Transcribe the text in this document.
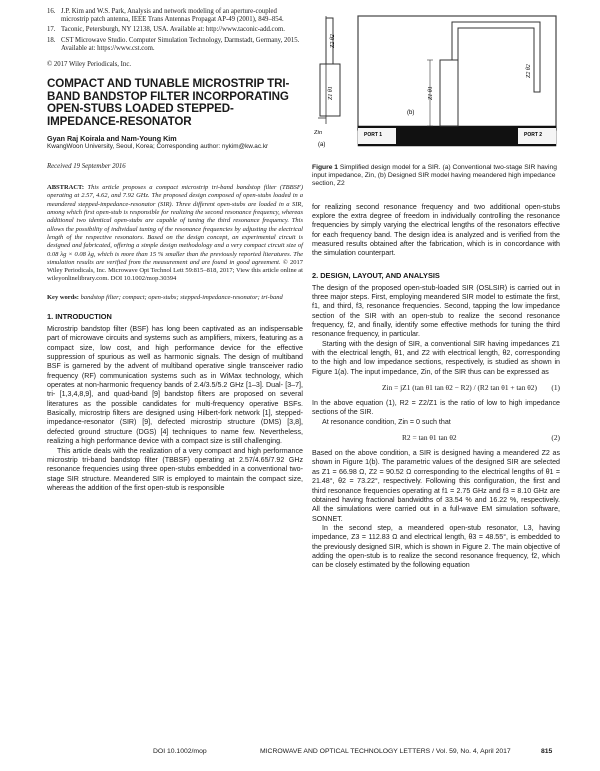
16. J.P. Kim and W.S. Park, Analysis and network modeling of an aperture-coupled microstrip patch antenna, IEEE Trans Antennas Propagat AP-49 (2001), 849–854.
17. Taconic, Petersburgh, NY 12138, USA. Available at: http://www.taconic-add.com.
18. CST Microwave Studio. Computer Simulation Technology, Darmstadt, Germany, 2015. Available at: https://www.cst.com.
© 2017 Wiley Periodicals, Inc.
COMPACT AND TUNABLE MICROSTRIP TRI-BAND BANDSTOP FILTER INCORPORATING OPEN-STUBS LOADED STEPPED-IMPEDANCE-RESONATOR
Gyan Raj Koirala and Nam-Young Kim
KwangWoon University, Seoul, Korea; Corresponding author: nykim@kw.ac.kr
Received 19 September 2016
ABSTRACT: This article proposes a compact microstrip tri-band bandstop filter (TBBSF) operating at 2.57, 4.62, and 7.92 GHz. The proposed design composed of open-stubs loaded in a meandered stepped-impedance-resonator (SIR). Three different open-stubs are loaded in a SIR, among which first open-stub is responsible for realizing the second resonance frequency, whereas additional two identical open-stubs are capable of tuning the third resonance frequency. This allows the possibility of individual tuning of the resonance frequencies by adjusting the electrical length of the respective resonators. Based on the design concept, an experimental circuit is designed and fabricated, offering a simple design methodology and a very compact circuit size of 0.08 λg × 0.08 λg, which is more than 15 % smaller than the previously reported literatures. The simulation results are verified from the measurement and are found in good agreement. © 2017 Wiley Periodicals, Inc. Microwave Opt Technol Lett 59:815–818, 2017; View this article online at wileyonlinelibrary.com. DOI 10.1002/mop.30394
Key words: bandstop filter; compact; open-stubs; stepped-impedance-resonator; tri-band
1. INTRODUCTION

Microstrip bandstop filter (BSF) has long been captivated as an indispensable part of microwave circuits and systems such as amplifiers, mixers, featuring as a compact size, low cost, and high performance device for the effective suppression of spurious as well as harmonic signals. The design of multiband BSF is garnered by the advent of multiband operative single transceiver radio frequency (RF) communication systems such as in WiMax technology, which operates at non-harmonic frequency bands of 2.4/3.5/5.2 GHz [1–3]. Dual- [3–7], tri- [1,3,4,8,9], and quad-band [9] bandstop filters are proposed on several literatures as the possible candidates for multi-frequency operative BSFs. Basically, microstrip filters are designed using Hilbert-fork network [1], stepped-impedance-resonator (SIR) [9], defected microstrip structure (DMS) [3,8], defected ground structure (DGS) [4] techniques to name few. Nevertheless, realizing a high performance device with a compact size is still challenging.

This article deals with the realization of a very compact and high performance microstrip tri-band bandstop filter (TBBSF) operating at 2.57/4.65/7.92 GHz resonance frequencies using three open-stubs embedded in a conventional two-stage SIR structure. Meandered SIR is employed to maintain the compact size, whereas the addition of the first open-stub is responsible

Z2 θ2
Z1 θ1
Zin
(a)
Z1 θ1
Z2 θ2
(b)
PORT 1	PORT 2
Figure 1 Simplified design model for a SIR. (a) Conventional two-stage SIR having input impedance, Zin, (b) Designed SIR model having meandered high impedance section, Z2

for realizing second resonance frequency and two additional open-stubs explore the extra degree of freedom in individually controlling the resonance frequencies by simply varying the electrical lengths of the resonators effective for each frequency band. The design idea is analyzed and is verified from the measured results obtained after the fabrication, which is in concordance with the simulation counterpart.

2. DESIGN, LAYOUT, AND ANALYSIS

The design of the proposed open-stub-loaded SIR (OSLSIR) is carried out in three major steps. First, employing meandered SIR model to estimate the first, f1, and third, f3, resonance frequencies. Second, tapping the low impedance section of the SIR with an open-stub to realize the second resonance frequency, f2, and finally, identify some effective methods for tuning the third resonance frequency, in particular.

Starting with the design of SIR, a conventional SIR having impedances Z1 with the electrical length, θ1, and Z2 with electrical length, θ2, corresponding to the high and low impedance sections, respectively, is studied as shown in Figure 1(a). The input impedance, Zin, of the SIR thus can be expressed as

Zin = jZ1 (tan θ1 tan θ2 − R2) / (R2 tan θ1 + tan θ2) (1)

In the above equation (1), R2 = Z2/Z1 is the ratio of low to high impedance sections of the SIR.

At resonance condition, Zin = 0 such that

R2 = tan θ1 tan θ2	(2)

Based on the above condition, a SIR is designed having a meandered Z2 as shown in Figure 1(b). The parametric values of the designed SIR are selected as Z1 = 66.98 Ω, Z2 = 90.52 Ω corresponding to the electrical lengths of θ1 = 21.48°, θ2 = 73.22°, respectively. Following this configuration, the first and third resonance frequencies operating at f1 = 2.75 GHz and f3 = 8.10 GHz are obtained having fractional bandwidths of 33.54 % and 16.22 %, respectively. All the simulations were carried out in a full-wave EM simulation software, SONNET.

In the second step, a meandered open-stub resonator, L3, having impedance, Z3 = 112.83 Ω and electrical length, θ3 = 48.55°, is embedded to the previously designed SIR, which is shown in Figure 2. The main objective of adding the open-stub is to realize the second resonance frequency, f2, which can be closely estimated by the following equation

DOI 10.1002/mop	MICROWAVE AND OPTICAL TECHNOLOGY LETTERS / Vol. 59, No. 4, April 2017	815
